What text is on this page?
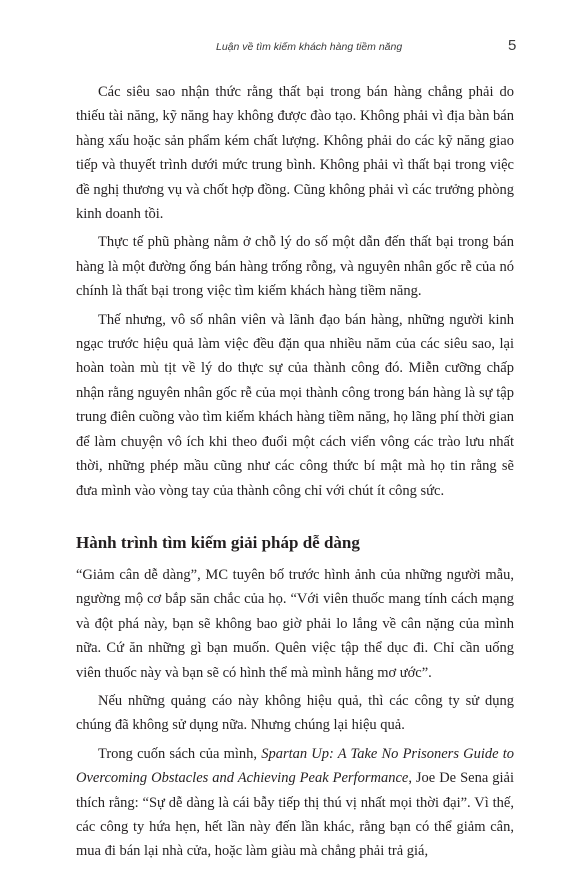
Luận về tìm kiếm khách hàng tiềm năng	5

Các siêu sao nhận thức rằng thất bại trong bán hàng chẳng phải do thiếu tài năng, kỹ năng hay không được đào tạo. Không phải vì địa bàn bán hàng xấu hoặc sản phẩm kém chất lượng. Không phải do các kỹ năng giao tiếp và thuyết trình dưới mức trung bình. Không phải vì thất bại trong việc đề nghị thương vụ và chốt hợp đồng. Cũng không phải vì các trưởng phòng kinh doanh tồi.

Thực tế phũ phàng nằm ở chỗ lý do số một dẫn đến thất bại trong bán hàng là một đường ống bán hàng trống rỗng, và nguyên nhân gốc rễ của nó chính là thất bại trong việc tìm kiếm khách hàng tiềm năng.

Thế nhưng, vô số nhân viên và lãnh đạo bán hàng, những người kinh ngạc trước hiệu quả làm việc đều đặn qua nhiều năm của các siêu sao, lại hoàn toàn mù tịt về lý do thực sự của thành công đó. Miễn cưỡng chấp nhận rằng nguyên nhân gốc rễ của mọi thành công trong bán hàng là sự tập trung điên cuồng vào tìm kiếm khách hàng tiềm năng, họ lãng phí thời gian để làm chuyện vô ích khi theo đuổi một cách viển vông các trào lưu nhất thời, những phép mầu cũng như các công thức bí mật mà họ tin rằng sẽ đưa mình vào vòng tay của thành công chỉ với chút ít công sức.

Hành trình tìm kiếm giải pháp dễ dàng

“Giảm cân dễ dàng”, MC tuyên bố trước hình ảnh của những người mẫu, ngường mộ cơ bắp săn chắc của họ. “Với viên thuốc mang tính cách mạng và đột phá này, bạn sẽ không bao giờ phải lo lắng về cân nặng của mình nữa. Cứ ăn những gì bạn muốn. Quên việc tập thể dục đi. Chỉ cần uống viên thuốc này và bạn sẽ có hình thể mà mình hằng mơ ước”.

Nếu những quảng cáo này không hiệu quả, thì các công ty sử dụng chúng đã không sử dụng nữa. Nhưng chúng lại hiệu quả.

Trong cuốn sách của mình, Spartan Up: A Take No Prisoners Guide to Overcoming Obstacles and Achieving Peak Performance, Joe De Sena giải thích rằng: “Sự dễ dàng là cái bẫy tiếp thị thú vị nhất mọi thời đại”. Vì thế, các công ty hứa hẹn, hết lần này đến lần khác, rằng bạn có thể giảm cân, mua đi bán lại nhà cửa, hoặc làm giàu mà chẳng phải trả giá,
